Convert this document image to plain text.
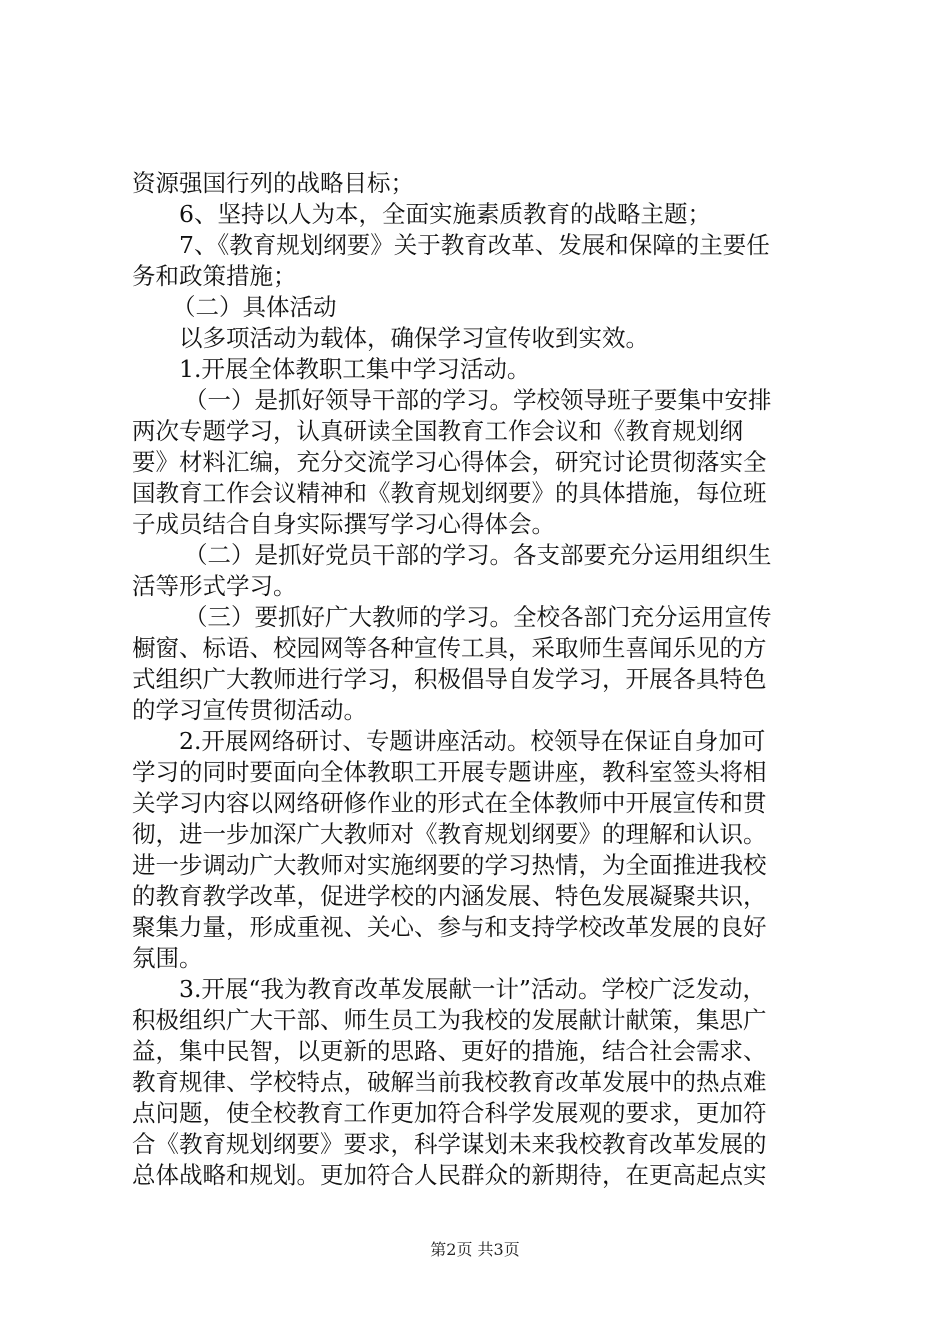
资源强国行列的战略目标；
6、坚持以人为本，全面实施素质教育的战略主题；
7、《教育规划纲要》关于教育改革、发展和保障的主要任
务和政策措施；
（二）具体活动
以多项活动为载体，确保学习宣传收到实效。
1.开展全体教职工集中学习活动。
（一）是抓好领导干部的学习。学校领导班子要集中安排
两次专题学习，认真研读全国教育工作会议和《教育规划纲
要》材料汇编，充分交流学习心得体会，研究讨论贯彻落实全
国教育工作会议精神和《教育规划纲要》的具体措施，每位班
子成员结合自身实际撰写学习心得体会。
（二）是抓好党员干部的学习。各支部要充分运用组织生
活等形式学习。
（三）要抓好广大教师的学习。全校各部门充分运用宣传
橱窗、标语、校园网等各种宣传工具，采取师生喜闻乐见的方
式组织广大教师进行学习，积极倡导自发学习，开展各具特色
的学习宣传贯彻活动。
2.开展网络研讨、专题讲座活动。校领导在保证自身加可
学习的同时要面向全体教职工开展专题讲座，教科室签头将相
关学习内容以网络研修作业的形式在全体教师中开展宣传和贯
彻，进一步加深广大教师对《教育规划纲要》的理解和认识。
进一步调动广大教师对实施纲要的学习热情，为全面推进我校
的教育教学改革，促进学校的内涵发展、特色发展凝聚共识，
聚集力量，形成重视、关心、参与和支持学校改革发展的良好
氛围。
3.开展“我为教育改革发展献一计”活动。学校广泛发动，
积极组织广大干部、师生员工为我校的发展献计献策，集思广
益，集中民智，以更新的思路、更好的措施，结合社会需求、
教育规律、学校特点，破解当前我校教育改革发展中的热点难
点问题，使全校教育工作更加符合科学发展观的要求，更加符
合《教育规划纲要》要求，科学谋划未来我校教育改革发展的
总体战略和规划。更加符合人民群众的新期待，在更高起点实
第2页 共3页
